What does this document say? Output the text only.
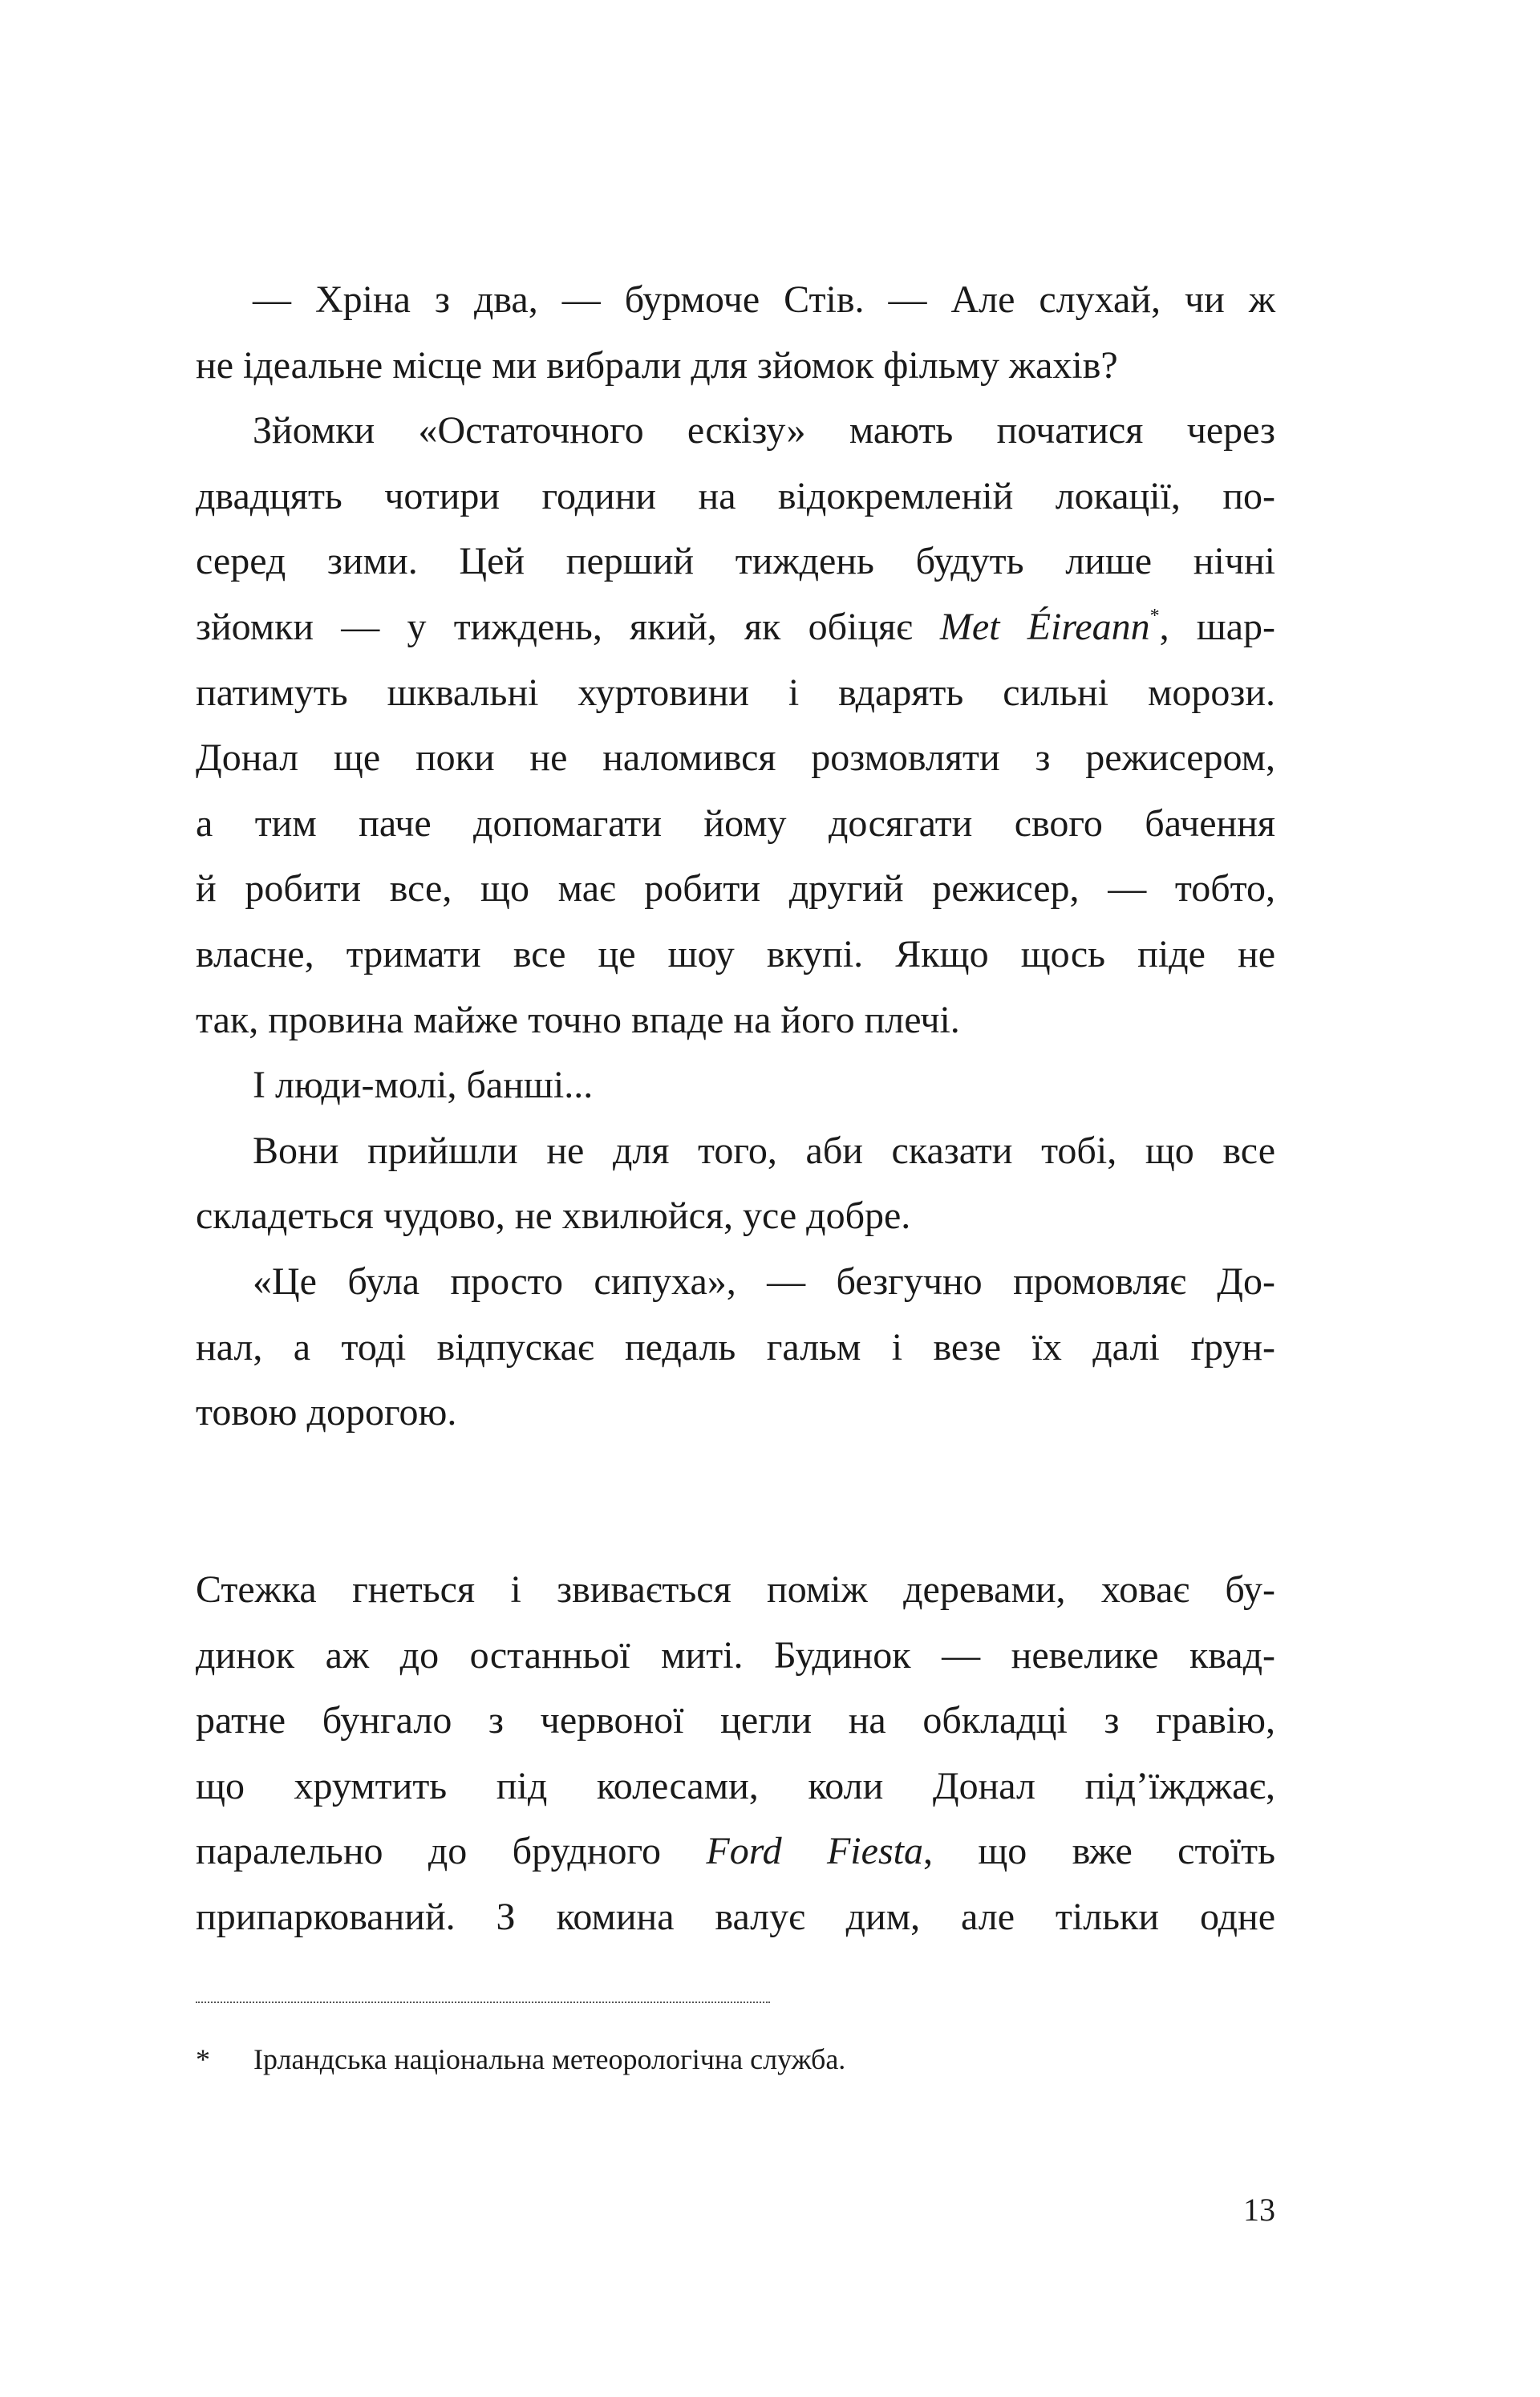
— Хріна з два, — бурмоче Стів. — Але слухай, чи ж
не ідеальне місце ми вибрали для зйомок фільму жахів?
Зйомки «Остаточного ескізу» мають початися через
двадцять чотири години на відокремленій локації, по-
серед зими. Цей перший тиждень будуть лише нічні
зйомки — у тиждень, який, як обіцяє Met Éireann*, шар-
патимуть шквальні хуртовини і вдарять сильні морози.
Донал ще поки не наломився розмовляти з режисером,
а тим паче допомагати йому досягати свого бачення
й робити все, що має робити другий режисер, — тобто,
власне, тримати все це шоу вкупі. Якщо щось піде не
так, провина майже точно впаде на його плечі.
І люди-молі, банші...
Вони прийшли не для того, аби сказати тобі, що все
складеться чудово, не хвилюйся, усе добре.
«Це була просто сипуха», — безгучно промовляє До-
нал, а тоді відпускає педаль гальм і везе їх далі ґрун-
товою дорогою.
Стежка гнеться і звивається поміж деревами, ховає бу-
динок аж до останньої миті. Будинок — невелике квад-
ратне бунгало з червоної цегли на обкладці з гравію,
що хрумтить під колесами, коли Донал під’їжджає,
паралельно до брудного Ford Fiesta, що вже стоїть
припаркований. З комина валує дим, але тільки одне
* Ірландська національна метеорологічна служба.
13
